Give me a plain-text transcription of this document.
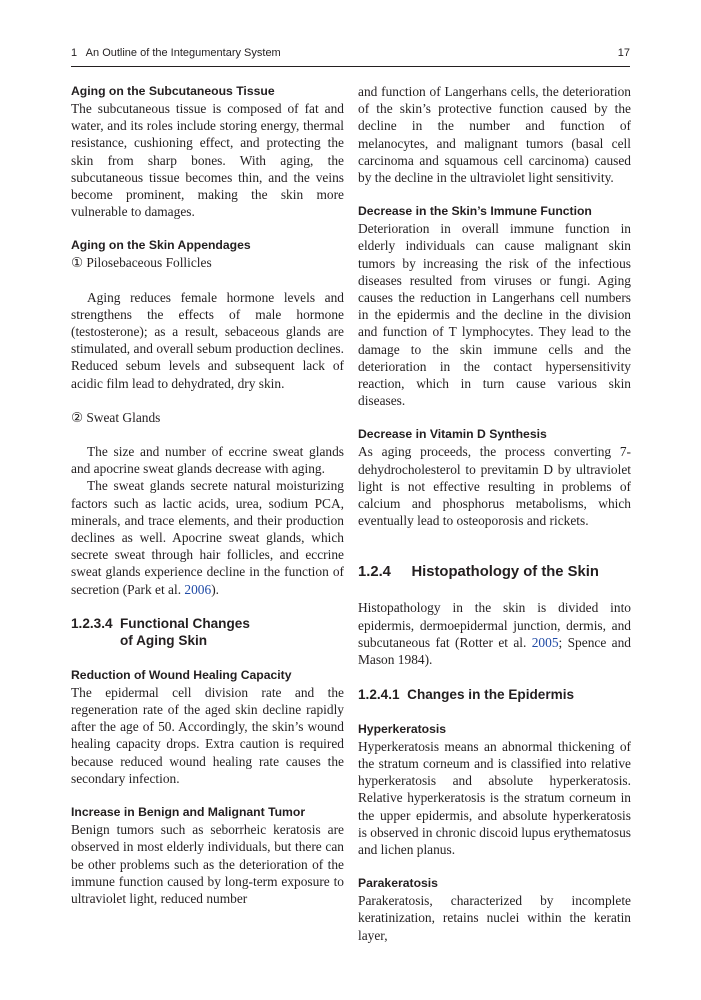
1   An Outline of the Integumentary System	17
Aging on the Subcutaneous Tissue

The subcutaneous tissue is composed of fat and water, and its roles include storing energy, thermal resistance, cushioning effect, and protecting the skin from sharp bones. With aging, the subcutaneous tissue becomes thin, and the veins become prominent, making the skin more vulnerable to damages.

Aging on the Skin Appendages

① Pilosebaceous Follicles

Aging reduces female hormone levels and strengthens the effects of male hormone (testosterone); as a result, sebaceous glands are stimulated, and overall sebum production declines. Reduced sebum levels and subsequent lack of acidic film lead to dehydrated, dry skin.

② Sweat Glands

The size and number of eccrine sweat glands and apocrine sweat glands decrease with aging.

The sweat glands secrete natural moisturizing factors such as lactic acids, urea, sodium PCA, minerals, and trace elements, and their production declines as well. Apocrine sweat glands, which secrete sweat through hair follicles, and eccrine sweat glands experience decline in the function of secretion (Park et al. 2006).

1.2.3.4 Functional Changes
of Aging Skin
Reduction of Wound Healing Capacity

The epidermal cell division rate and the regeneration rate of the aged skin decline rapidly after the age of 50. Accordingly, the skin’s wound healing capacity drops. Extra caution is required because reduced wound healing rate causes the secondary infection.

Increase in Benign and Malignant Tumor

Benign tumors such as seborrheic keratosis are observed in most elderly individuals, but there can be other problems such as the deterioration of the immune function caused by long-term exposure to ultraviolet light, reduced number

and function of Langerhans cells, the deterioration of the skin’s protective function caused by the decline in the number and function of melanocytes, and malignant tumors (basal cell carcinoma and squamous cell carcinoma) caused by the decline in the ultraviolet light sensitivity.

Decrease in the Skin’s Immune Function

Deterioration in overall immune function in elderly individuals can cause malignant skin tumors by increasing the risk of the infectious diseases resulted from viruses or fungi. Aging causes the reduction in Langerhans cell numbers in the epidermis and the decline in the division and function of T lymphocytes. They lead to the damage to the skin immune cells and the deterioration in the contact hypersensitivity reaction, which in turn cause various skin diseases.

Decrease in Vitamin D Synthesis

As aging proceeds, the process converting 7-dehydrocholesterol to previtamin D by ultraviolet light is not effective resulting in problems of calcium and phosphorus metabolisms, which eventually lead to osteoporosis and rickets.

1.2.4     Histopathology of the Skin

Histopathology in the skin is divided into epidermis, dermoepidermal junction, dermis, and subcutaneous fat (Rotter et al. 2005; Spence and Mason 1984).

1.2.4.1  Changes in the Epidermis
Hyperkeratosis

Hyperkeratosis means an abnormal thickening of the stratum corneum and is classified into relative hyperkeratosis and absolute hyperkeratosis. Relative hyperkeratosis is the stratum corneum in the upper epidermis, and absolute hyperkeratosis is observed in chronic discoid lupus erythematosus and lichen planus.

Parakeratosis

Parakeratosis, characterized by incomplete keratinization, retains nuclei within the keratin layer,
